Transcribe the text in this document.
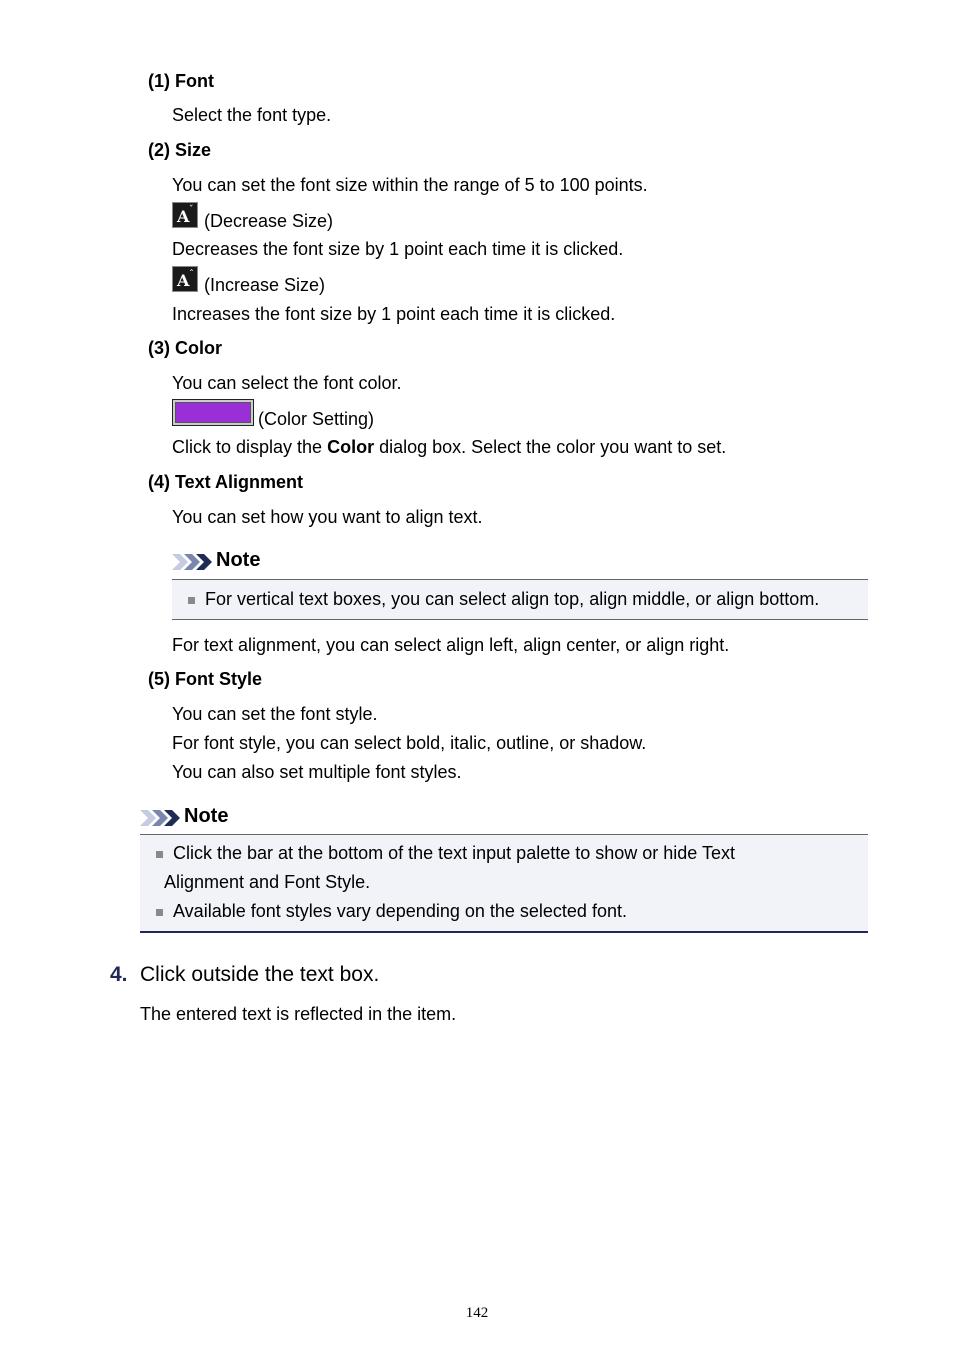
(1) Font
Select the font type.
(2) Size
You can set the font size within the range of 5 to 100 points.
A ˇ
(Decrease Size)
Decreases the font size by 1 point each time it is clicked.
A ˆ
(Increase Size)
Increases the font size by 1 point each time it is clicked.
(3) Color
You can select the font color.
(Color Setting)
Click to display the Color dialog box. Select the color you want to set.
(4) Text Alignment
You can set how you want to align text.
Note
For vertical text boxes, you can select align top, align middle, or align bottom.
For text alignment, you can select align left, align center, or align right.
(5) Font Style
You can set the font style.
For font style, you can select bold, italic, outline, or shadow.
You can also set multiple font styles.
Note
Click the bar at the bottom of the text input palette to show or hide Text
Alignment and Font Style.
Available font styles vary depending on the selected font.
4. Click outside the text box.
The entered text is reflected in the item.
142
